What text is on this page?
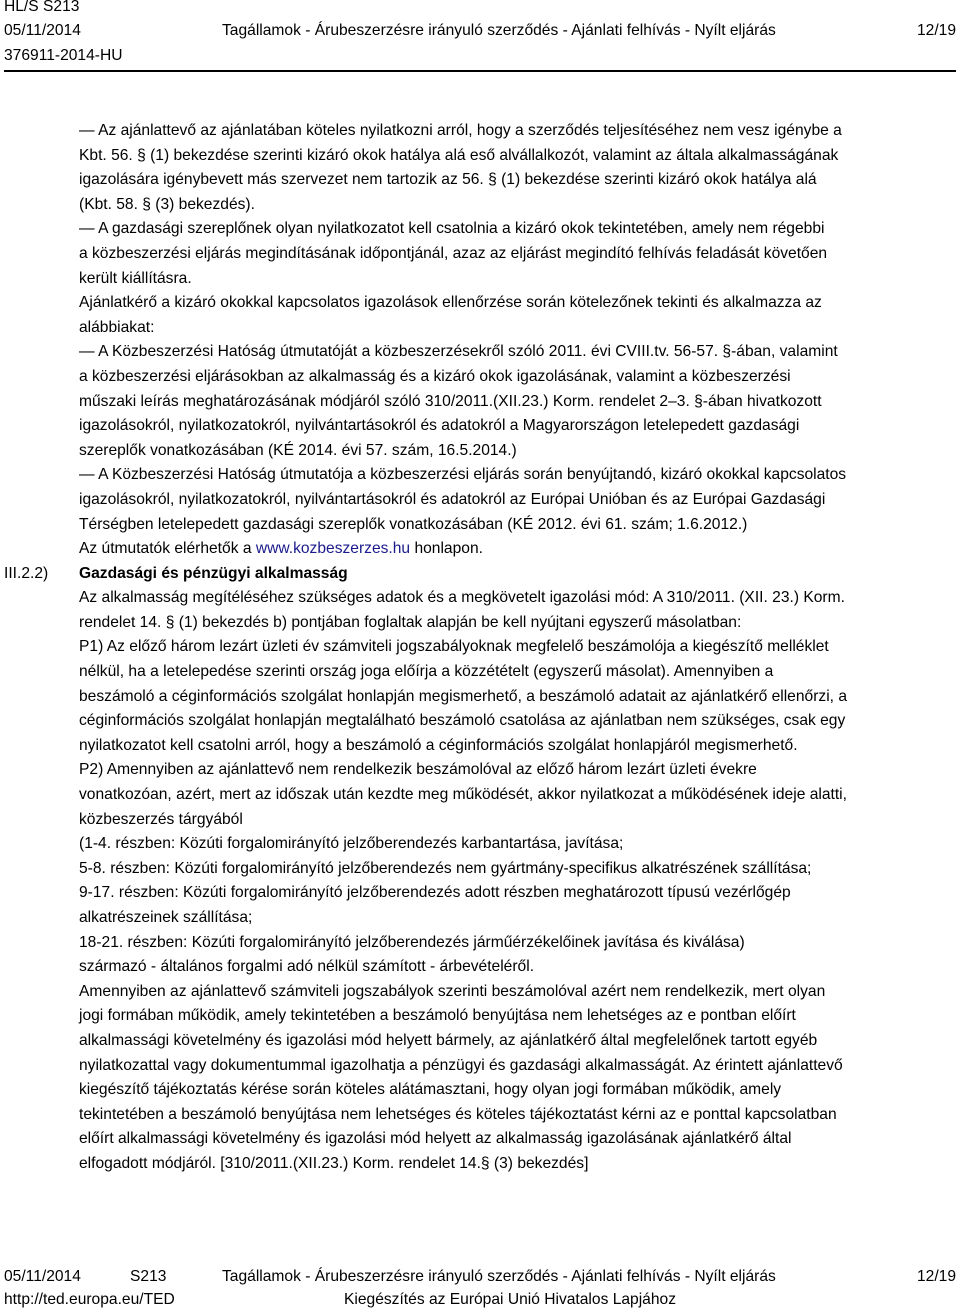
HL/S S213
05/11/2014	Tagállamok - Árubeszerzésre irányuló szerződés - Ajánlati felhívás - Nyílt eljárás	12/19
376911-2014-HU
— Az ajánlattevő az ajánlatában köteles nyilatkozni arról, hogy a szerződés teljesítéséhez nem vesz igénybe a
Kbt. 56. § (1) bekezdése szerinti kizáró okok hatálya alá eső alvállalkozót, valamint az általa alkalmasságának
igazolására igénybevett más szervezet nem tartozik az 56. § (1) bekezdése szerinti kizáró okok hatálya alá
(Kbt. 58. § (3) bekezdés).
— A gazdasági szereplőnek olyan nyilatkozatot kell csatolnia a kizáró okok tekintetében, amely nem régebbi
a közbeszerzési eljárás megindításának időpontjánál, azaz az eljárást megindító felhívás feladását követően
került kiállításra.
Ajánlatkérő a kizáró okokkal kapcsolatos igazolások ellenőrzése során kötelezőnek tekinti és alkalmazza az
alábbiakat:
— A Közbeszerzési Hatóság útmutatóját a közbeszerzésekről szóló 2011. évi CVIII.tv. 56-57. §-ában, valamint
a közbeszerzési eljárásokban az alkalmasság és a kizáró okok igazolásának, valamint a közbeszerzési
műszaki leírás meghatározásának módjáról szóló 310/2011.(XII.23.) Korm. rendelet 2–3. §-ában hivatkozott
igazolásokról, nyilatkozatokról, nyilvántartásokról és adatokról a Magyarországon letelepedett gazdasági
szereplők vonatkozásában (KÉ 2014. évi 57. szám, 16.5.2014.)
— A Közbeszerzési Hatóság útmutatója a közbeszerzési eljárás során benyújtandó, kizáró okokkal kapcsolatos
igazolásokról, nyilatkozatokról, nyilvántartásokról és adatokról az Európai Unióban és az Európai Gazdasági
Térségben letelepedett gazdasági szereplők vonatkozásában (KÉ 2012. évi 61. szám; 1.6.2012.)
Az útmutatók elérhetők a www.kozbeszerzes.hu honlapon.
III.2.2) Gazdasági és pénzügyi alkalmasság
Az alkalmasság megítéléséhez szükséges adatok és a megkövetelt igazolási mód: A 310/2011. (XII. 23.) Korm.
rendelet 14. § (1) bekezdés b) pontjában foglaltak alapján be kell nyújtani egyszerű másolatban:
P1) Az előző három lezárt üzleti év számviteli jogszabályoknak megfelelő beszámolója a kiegészítő melléklet
nélkül, ha a letelepedése szerinti ország joga előírja a közzétételt (egyszerű másolat). Amennyiben a
beszámoló a céginformációs szolgálat honlapján megismerhető, a beszámoló adatait az ajánlatkérő ellenőrzi, a
céginformációs szolgálat honlapján megtalálható beszámoló csatolása az ajánlatban nem szükséges, csak egy
nyilatkozatot kell csatolni arról, hogy a beszámoló a céginformációs szolgálat honlapjáról megismerhető.
P2) Amennyiben az ajánlattevő nem rendelkezik beszámolóval az előző három lezárt üzleti évekre
vonatkozóan, azért, mert az időszak után kezdte meg működését, akkor nyilatkozat a működésének ideje alatti,
közbeszerzés tárgyából
(1-4. részben: Közúti forgalomirányító jelzőberendezés karbantartása, javítása;
5-8. részben: Közúti forgalomirányító jelzőberendezés nem gyártmány-specifikus alkatrészének szállítása;
9-17. részben: Közúti forgalomirányító jelzőberendezés adott részben meghatározott típusú vezérlőgép
alkatrészeinek szállítása;
18-21. részben: Közúti forgalomirányító jelzőberendezés járműérzékelőinek javítása és kiválása)
származó - általános forgalmi adó nélkül számított - árbevételéről.
Amennyiben az ajánlattevő számviteli jogszabályok szerinti beszámolóval azért nem rendelkezik, mert olyan
jogi formában működik, amely tekintetében a beszámoló benyújtása nem lehetséges az e pontban előírt
alkalmassági követelmény és igazolási mód helyett bármely, az ajánlatkérő által megfelelőnek tartott egyéb
nyilatkozattal vagy dokumentummal igazolhatja a pénzügyi és gazdasági alkalmasságát. Az érintett ajánlattevő
kiegészítő tájékoztatás kérése során köteles alátámasztani, hogy olyan jogi formában működik, amely
tekintetében a beszámoló benyújtása nem lehetséges és köteles tájékoztatást kérni az e ponttal kapcsolatban
előírt alkalmassági követelmény és igazolási mód helyett az alkalmasság igazolásának ajánlatkérő által
elfogadott módjáról. [310/2011.(XII.23.) Korm. rendelet 14.§ (3) bekezdés]
05/11/2014	S213	Tagállamok - Árubeszerzésre irányuló szerződés - Ajánlati felhívás - Nyílt eljárás	12/19
http://ted.europa.eu/TED	Kiegészítés az Európai Unió Hivatalos Lapjához
